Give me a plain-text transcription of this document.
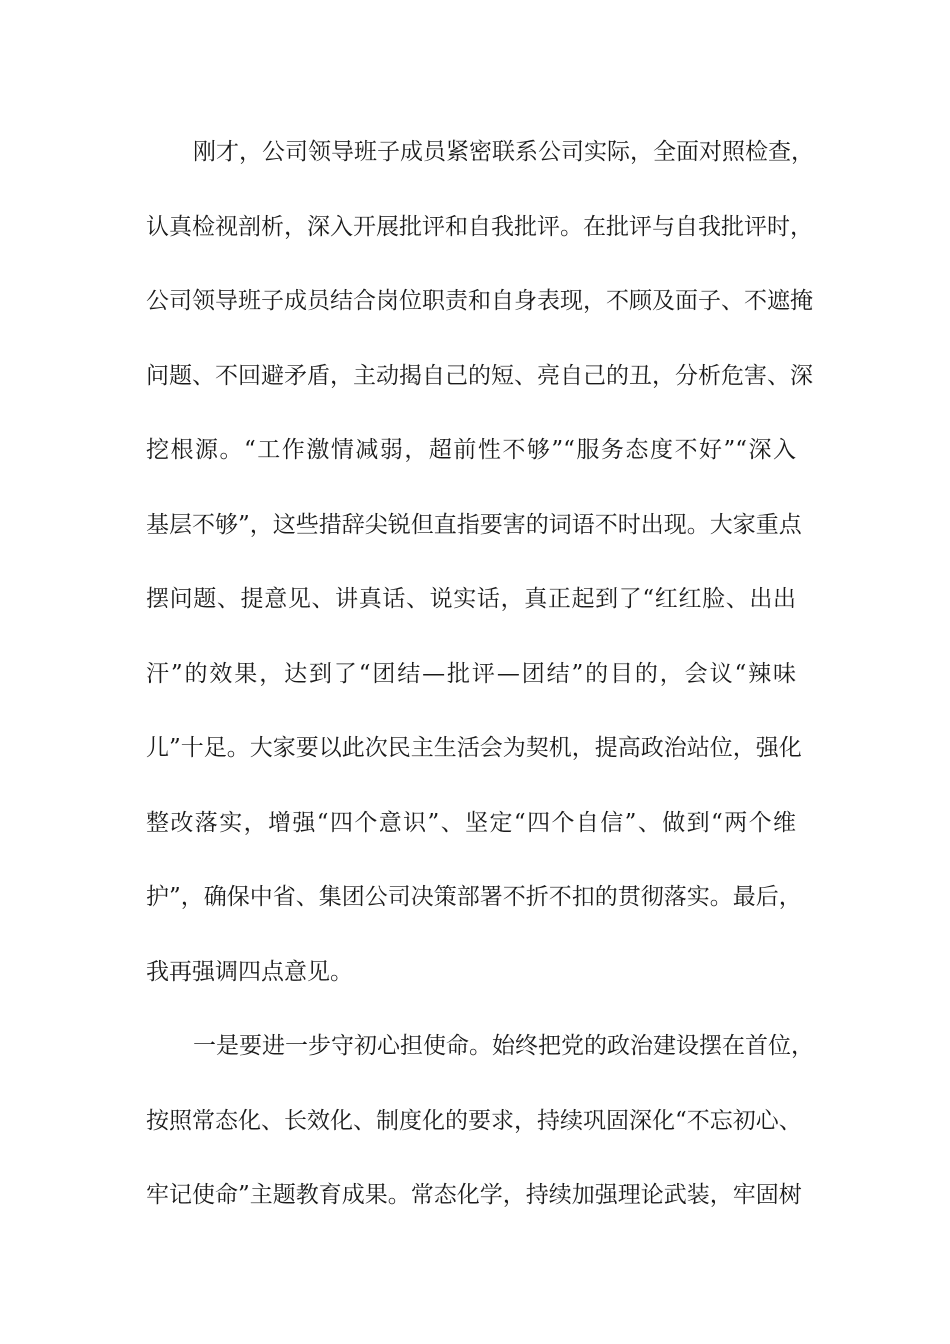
刚才，公司领导班子成员紧密联系公司实际，全面对照检查，
认真检视剖析，深入开展批评和自我批评。在批评与自我批评时，
公司领导班子成员结合岗位职责和自身表现，不顾及面子、不遮掩
问题、不回避矛盾，主动揭自己的短、亮自己的丑，分析危害、深
挖根源。“工作激情减弱，超前性不够”“服务态度不好”“深入
基层不够”，这些措辞尖锐但直指要害的词语不时出现。大家重点
摆问题、提意见、讲真话、说实话，真正起到了“红红脸、出出
汗”的效果，达到了“团结—批评—团结”的目的，会议“辣味
儿”十足。大家要以此次民主生活会为契机，提高政治站位，强化
整改落实，增强“四个意识”、坚定“四个自信”、做到“两个维
护”，确保中省、集团公司决策部署不折不扣的贯彻落实。最后，
我再强调四点意见。
一是要进一步守初心担使命。始终把党的政治建设摆在首位，
按照常态化、长效化、制度化的要求，持续巩固深化“不忘初心、
牢记使命”主题教育成果。常态化学，持续加强理论武装，牢固树
